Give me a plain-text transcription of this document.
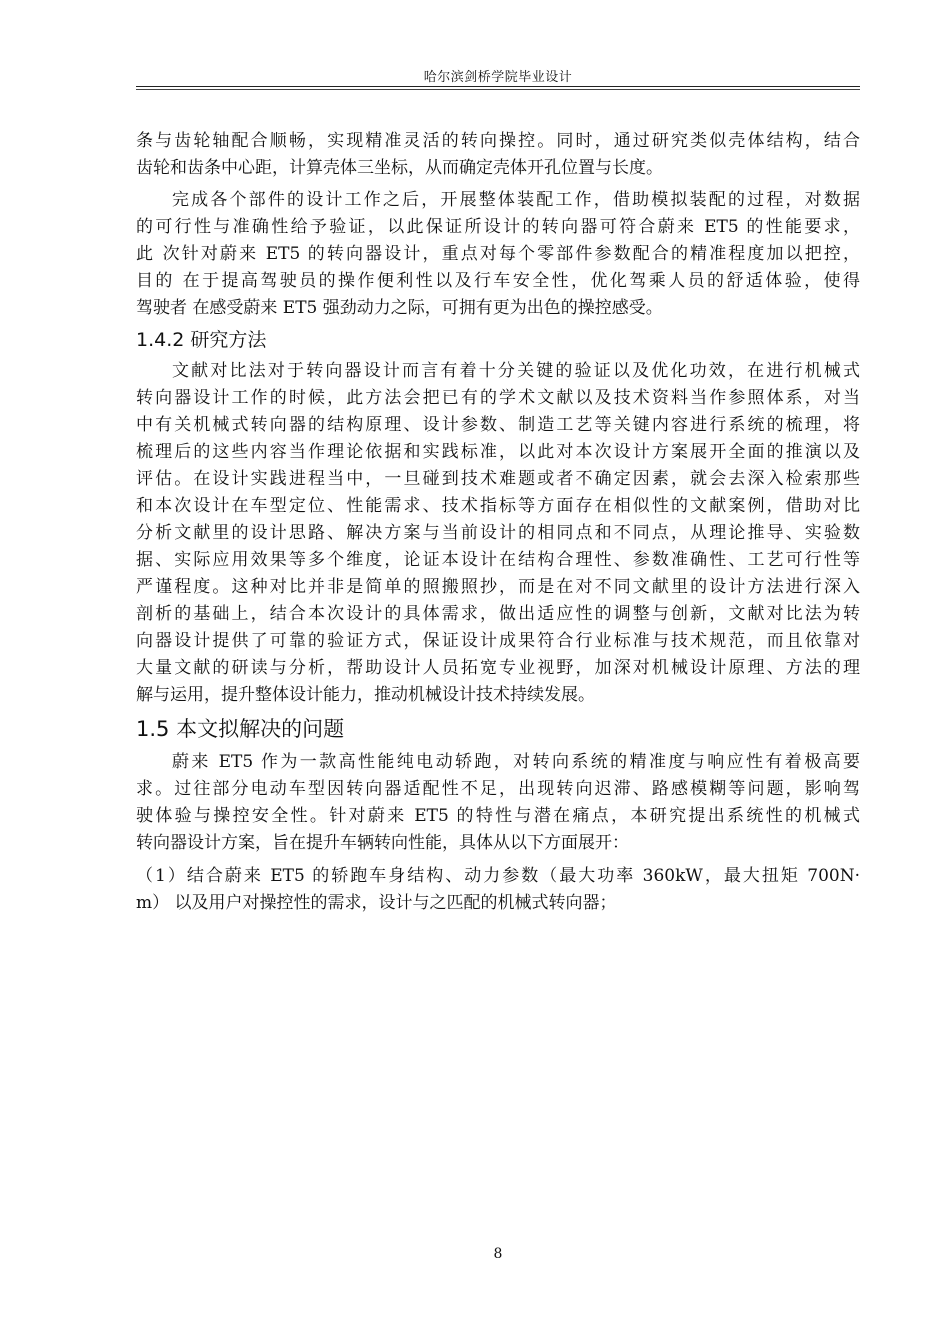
哈尔滨剑桥学院毕业设计
条与齿轮轴配合顺畅，实现精准灵活的转向操控。同时，通过研究类似壳体结构，结合
齿轮和齿条中心距，计算壳体三坐标，从而确定壳体开孔位置与长度。
完成各个部件的设计工作之后，开展整体装配工作，借助模拟装配的过程，对数据
的可行性与准确性给予验证，以此保证所设计的转向器可符合蔚来 ET5 的性能要求，
此 次针对蔚来 ET5 的转向器设计，重点对每个零部件参数配合的精准程度加以把控，
目的 在于提高驾驶员的操作便利性以及行车安全性，优化驾乘人员的舒适体验，使得
驾驶者 在感受蔚来 ET5 强劲动力之际，可拥有更为出色的操控感受。
1.4.2 研究方法
文献对比法对于转向器设计而言有着十分关键的验证以及优化功效，在进行机械式
转向器设计工作的时候，此方法会把已有的学术文献以及技术资料当作参照体系，对当
中有关机械式转向器的结构原理、设计参数、制造工艺等关键内容进行系统的梳理，将
梳理后的这些内容当作理论依据和实践标准，以此对本次设计方案展开全面的推演以及
评估。在设计实践进程当中，一旦碰到技术难题或者不确定因素，就会去深入检索那些
和本次设计在车型定位、性能需求、技术指标等方面存在相似性的文献案例，借助对比
分析文献里的设计思路、解决方案与当前设计的相同点和不同点，从理论推导、实验数
据、实际应用效果等多个维度，论证本设计在结构合理性、参数准确性、工艺可行性等
严谨程度。这种对比并非是简单的照搬照抄，而是在对不同文献里的设计方法进行深入
剖析的基础上，结合本次设计的具体需求，做出适应性的调整与创新，文献对比法为转
向器设计提供了可靠的验证方式，保证设计成果符合行业标准与技术规范，而且依靠对
大量文献的研读与分析，帮助设计人员拓宽专业视野，加深对机械设计原理、方法的理
解与运用，提升整体设计能力，推动机械设计技术持续发展。
1.5 本文拟解决的问题
蔚来 ET5 作为一款高性能纯电动轿跑，对转向系统的精准度与响应性有着极高要
求。过往部分电动车型因转向器适配性不足，出现转向迟滞、路感模糊等问题，影响驾
驶体验与操控安全性。针对蔚来 ET5 的特性与潜在痛点，本研究提出系统性的机械式
转向器设计方案，旨在提升车辆转向性能，具体从以下方面展开：
（1）结合蔚来 ET5 的轿跑车身结构、动力参数（最大功率 360kW，最大扭矩 700N·
m） 以及用户对操控性的需求，设计与之匹配的机械式转向器；
8
